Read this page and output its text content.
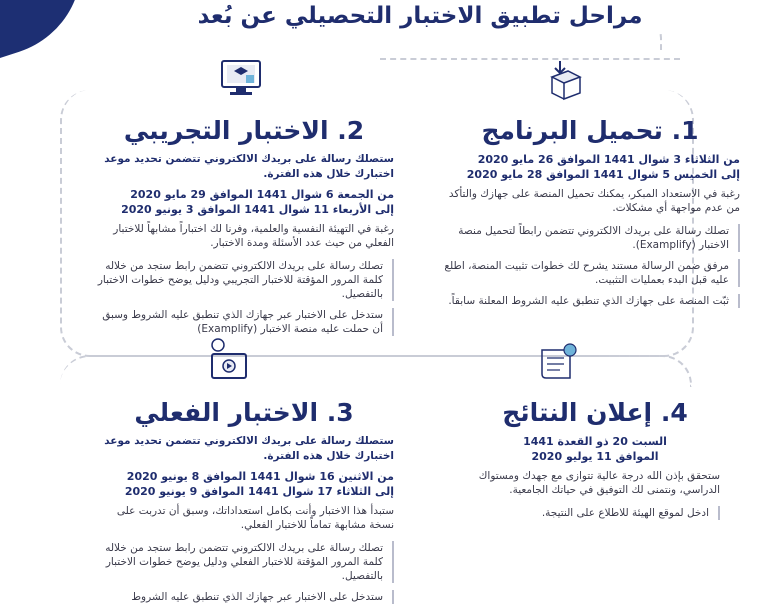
مراحل تطبيق الاختبار التحصيلي عن بُعد
1. تحميل البرنامج
من الثلاثاء 3 شوال 1441 الموافق 26 مايو 2020
إلى الخميس 5 شوال 1441 الموافق 28 مايو 2020
رغبة في الاستعداد المبكر، يمكنك تحميل المنصة على جهازك والتأكد من عدم مواجهة أي مشكلات.
تصلك رسالة على بريدك الالكتروني تتضمن رابطاً لتحميل منصة الاختبار (Examplify).
مرفق ضمن الرسالة مستند يشرح لك خطوات تثبيت المنصة، اطلع عليه قبل البدء بعمليات التثبيت.
ثبّت المنصة على جهازك الذي تنطبق عليه الشروط المعلنة سابقاً.
2. الاختبار التجريبي
ستصلك رسالة على بريدك الالكتروني تتضمن تحديد موعد اختبارك خلال هذه الفترة.
من الجمعة 6 شوال 1441 الموافق 29 مايو 2020
إلى الأربعاء 11 شوال 1441 الموافق 3 يونيو 2020
رغبة في التهيئة النفسية والعلمية، وفرنا لك اختباراً مشابهاً للاختبار الفعلي من حيث عدد الأسئلة ومدة الاختبار.
تصلك رسالة على بريدك الالكتروني تتضمن رابط ستجد من خلاله كلمة المرور المؤقتة للاختبار التجريبي ودليل يوضح خطوات الاختبار بالتفصيل.
ستدخل على الاختبار عبر جهازك الذي تنطبق عليه الشروط وسبق أن حملت عليه منصة الاختبار (Examplify)
4. إعلان النتائج
السبت 20 ذو القعدة 1441
الموافق 11 يوليو 2020
ستحقق بإذن الله درجة عالية تتوازى مع جهدك ومستواك الدراسي، ونتمنى لك التوفيق في حياتك الجامعية.
ادخل لموقع الهيئة للاطلاع على النتيجة.
3. الاختبار الفعلي
ستصلك رسالة على بريدك الالكتروني تتضمن تحديد موعد اختبارك خلال هذه الفترة.
من الاثنين 16 شوال 1441 الموافق 8 يونيو 2020
إلى الثلاثاء 17 شوال 1441 الموافق 9 يونيو 2020
ستبدأ هذا الاختبار وأنت بكامل استعداداتك، وسبق أن تدربت على نسخة مشابهة تماماً للاختبار الفعلي.
تصلك رسالة على بريدك الالكتروني تتضمن رابط ستجد من خلاله كلمة المرور المؤقتة للاختبار الفعلي ودليل يوضح خطوات الاختبار بالتفصيل.
ستدخل على الاختبار عبر جهازك الذي تنطبق عليه الشروط
